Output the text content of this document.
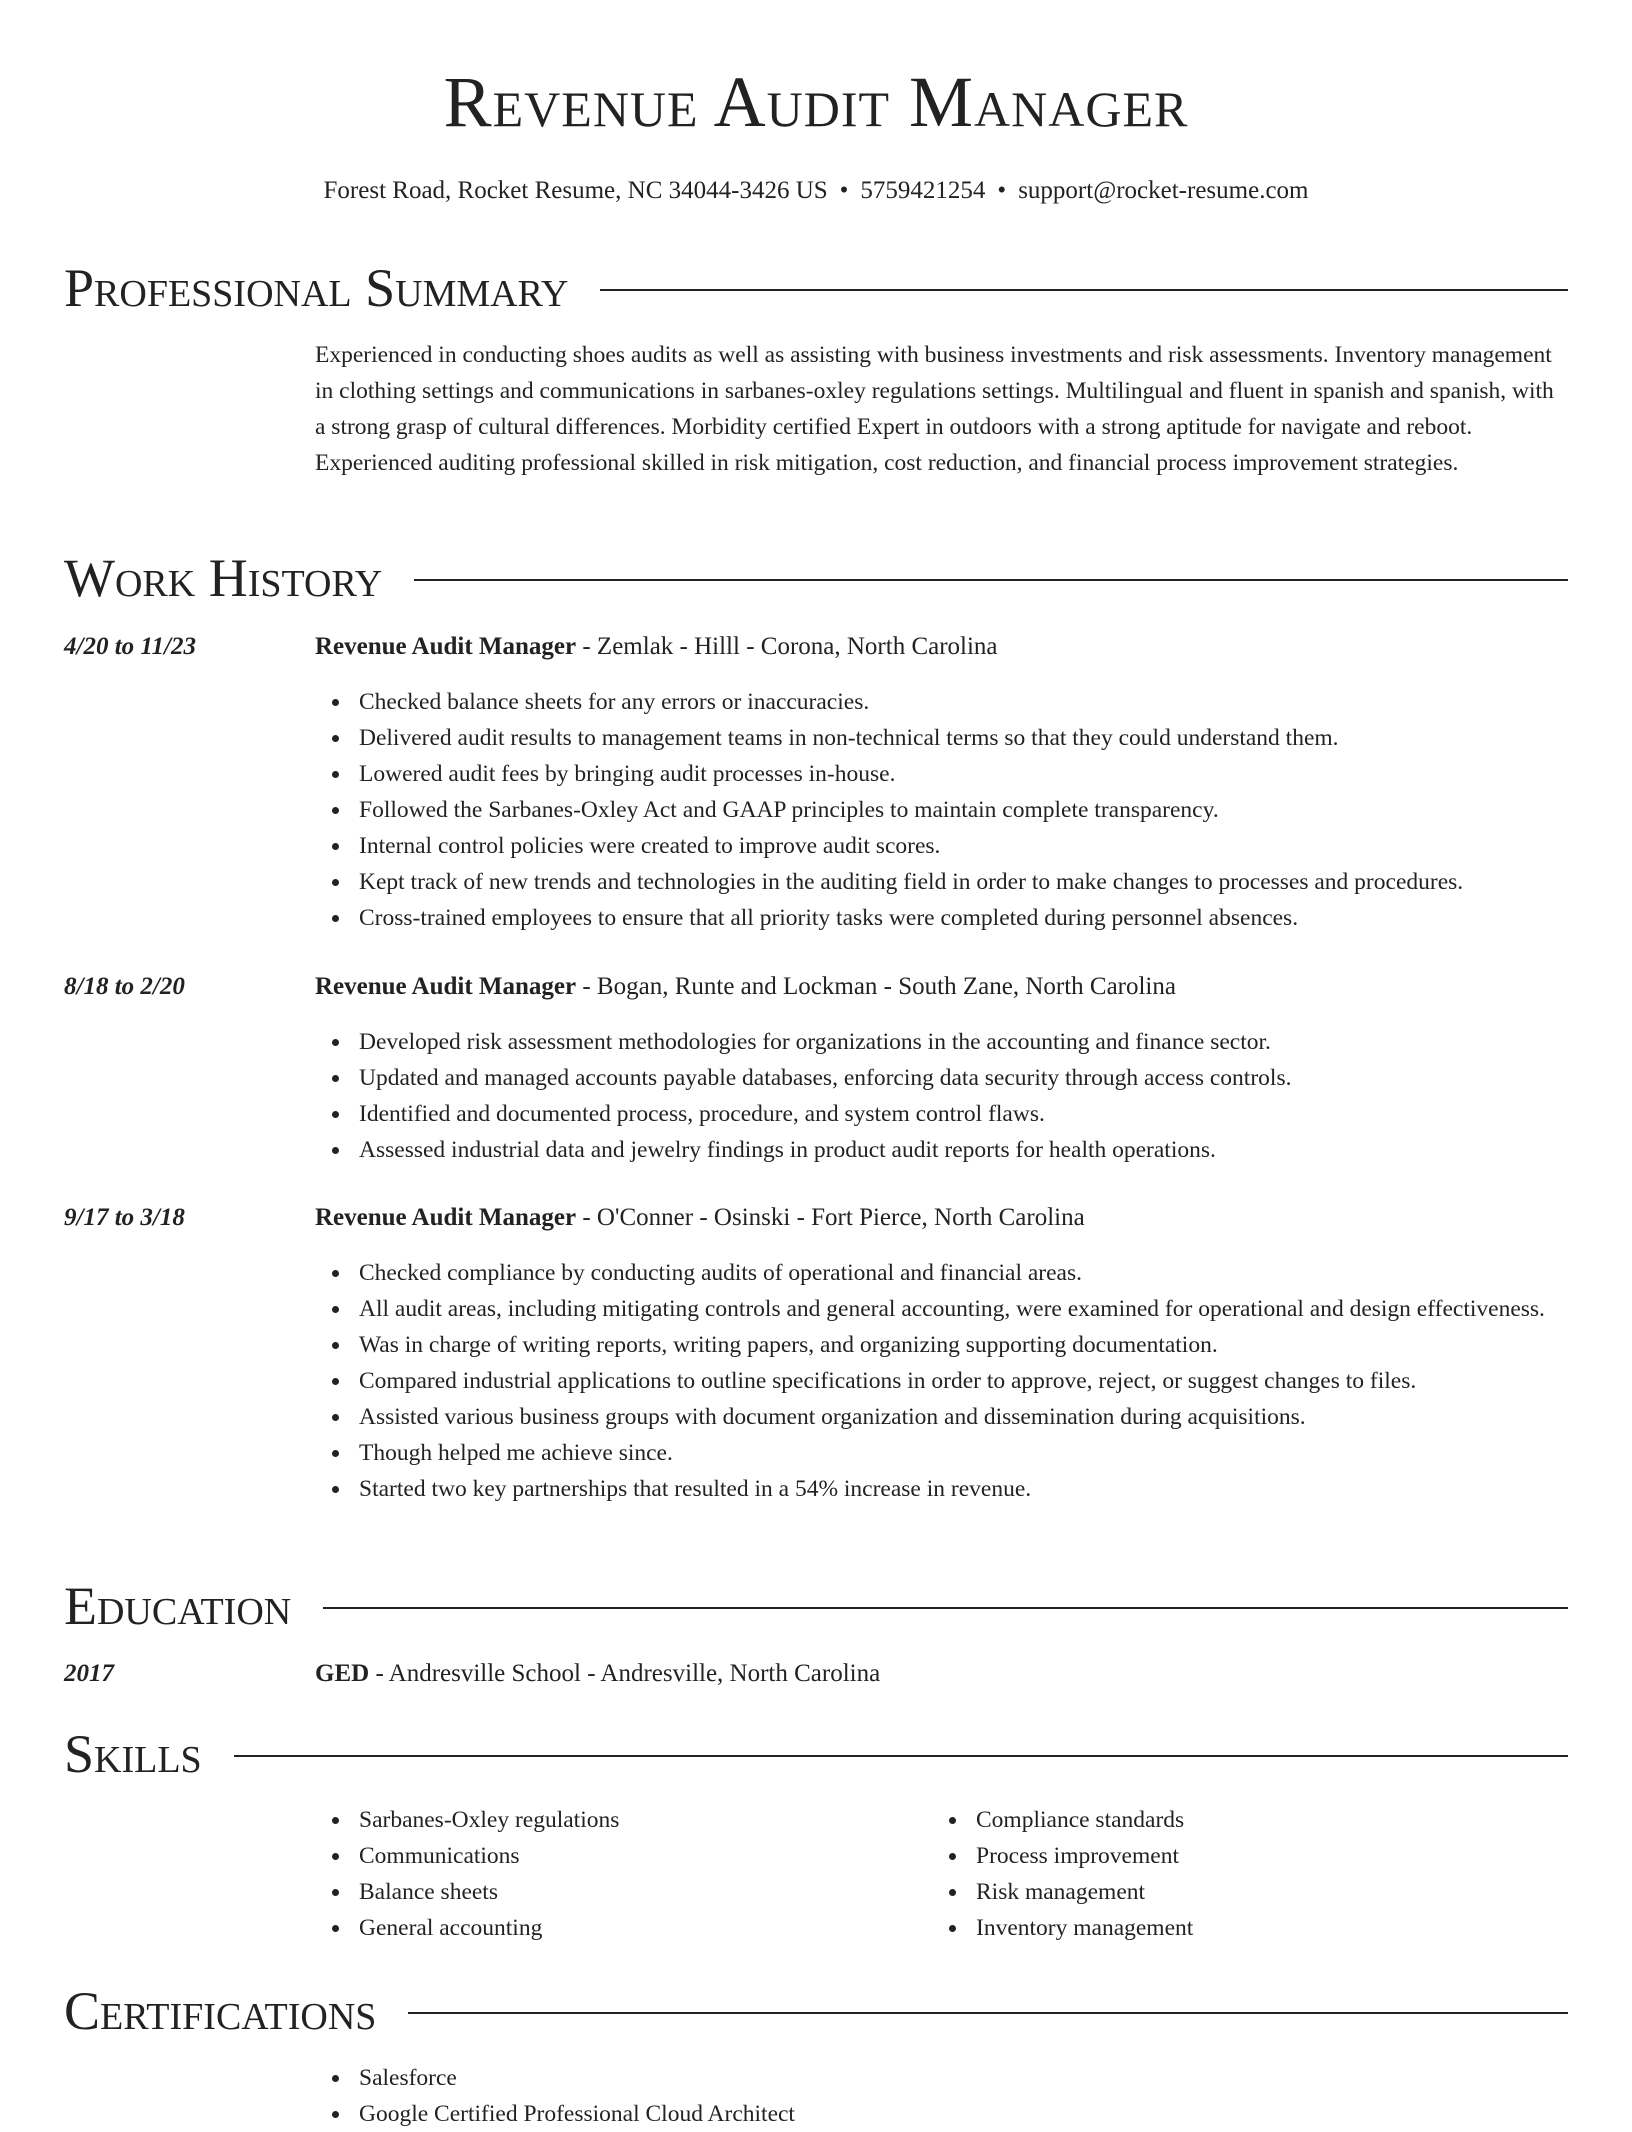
Revenue Audit Manager
Forest Road, Rocket Resume, NC 34044-3426 US • 5759421254 • support@rocket-resume.com
Professional Summary
Experienced in conducting shoes audits as well as assisting with business investments and risk assessments. Inventory management in clothing settings and communications in sarbanes-oxley regulations settings. Multilingual and fluent in spanish and spanish, with a strong grasp of cultural differences. Morbidity certified Expert in outdoors with a strong aptitude for navigate and reboot. Experienced auditing professional skilled in risk mitigation, cost reduction, and financial process improvement strategies.
Work History
4/20 to 11/23	Revenue Audit Manager - Zemlak - Hilll - Corona, North Carolina
Checked balance sheets for any errors or inaccuracies.
Delivered audit results to management teams in non-technical terms so that they could understand them.
Lowered audit fees by bringing audit processes in-house.
Followed the Sarbanes-Oxley Act and GAAP principles to maintain complete transparency.
Internal control policies were created to improve audit scores.
Kept track of new trends and technologies in the auditing field in order to make changes to processes and procedures.
Cross-trained employees to ensure that all priority tasks were completed during personnel absences.
8/18 to 2/20	Revenue Audit Manager - Bogan, Runte and Lockman - South Zane, North Carolina
Developed risk assessment methodologies for organizations in the accounting and finance sector.
Updated and managed accounts payable databases, enforcing data security through access controls.
Identified and documented process, procedure, and system control flaws.
Assessed industrial data and jewelry findings in product audit reports for health operations.
9/17 to 3/18	Revenue Audit Manager - O'Conner - Osinski - Fort Pierce, North Carolina
Checked compliance by conducting audits of operational and financial areas.
All audit areas, including mitigating controls and general accounting, were examined for operational and design effectiveness.
Was in charge of writing reports, writing papers, and organizing supporting documentation.
Compared industrial applications to outline specifications in order to approve, reject, or suggest changes to files.
Assisted various business groups with document organization and dissemination during acquisitions.
Though helped me achieve since.
Started two key partnerships that resulted in a 54% increase in revenue.
Education
2017	GED - Andresville School - Andresville, North Carolina
Skills
Sarbanes-Oxley regulations
Communications
Balance sheets
General accounting
Compliance standards
Process improvement
Risk management
Inventory management
Certifications
Salesforce
Google Certified Professional Cloud Architect
